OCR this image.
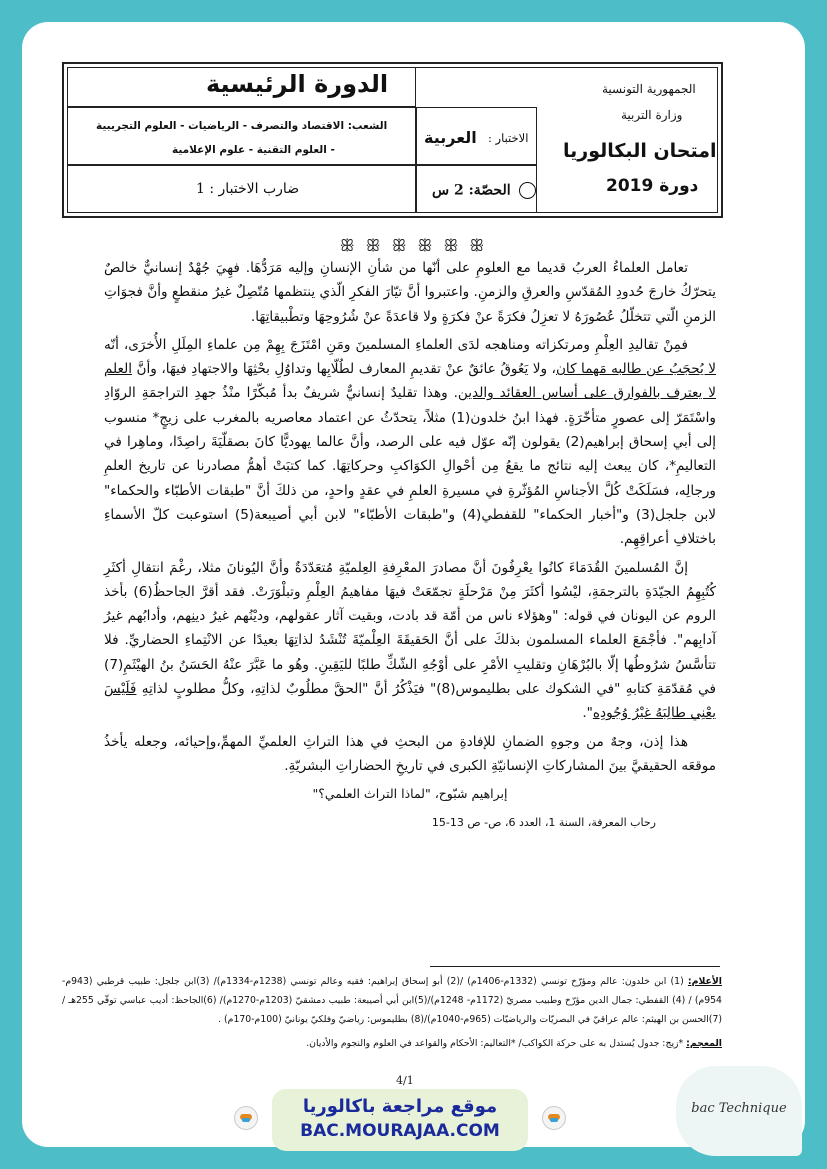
الدورة الرئيسية	الجمهورية التونسية
وزارة التربية
امتحان البكالوريا
دورة 2019
الشعب: الاقتصاد والتصرف - الرياضيات - العلوم التجريبية
- العلوم التقنية - علوم الإعلامية
الاختبار :
العربية
الحصّة: 2 س
ضارب الاختبار : 1
ꕥ ꕥ ꕥ ꕥ ꕥ ꕥ

تعامل العلماءُ العربُ قديما مع العلومِ على أنّها من شأنِ الإنسانِ وإليه مَرَدُّهَا. فهِيَ جُهْدٌ إنسانيٌّ خالصٌ يتحرّكُ خارجَ حُدودِ المُقدّسِ والعرقِ والزمنِ. واعتبروا أنَّ تيّارَ الفكرِ الّذي ينتظمها مُتّصِلٌ غيرُ منقطعٍ وأنَّ فجوَاتِ الزمنِ الّتي تتخلّلُ عُصُورَهُ لا تعزِلُ فكرَةً عنْ فكرَةٍ ولا قاعدَةً عنْ شُرُوحِهَا وتطْبيقاتِهَا.

فمِنْ تقاليدِ العِلْمِ ومرتكزاته ومناهجه لدَى العلماءِ المسلمينَ ومَنِ امْتَزَجَ بِهِمْ مِن علماءِ المِلَلِ الأُخرَى، أنّه لا يُحجَبُ عن طالبه مَهما كان، ولا يَعُوقُ عائقٌ عنْ تقديمِ المعارف لطُلّابِها وتداوُلِ بحْثِهَا والاجتهادِ فيهَا، وأنَّ العلم لا يعترف بالفوارق على أساس العقائد والدين. وهذا تقليدٌ إنسانيٌّ شريفٌ بدأ مُبكّرًا منْذُ جهدِ التراجمَةِ الروّادِ واسْتَمَرّ إلى عصورٍ متأخّرَةٍ. فهذا ابنُ خلدون(1) مثلاً، يتحدّثُ عن اعتماد معاصريه بالمغرب على زيجٍ* منسوب إلى أبي إسحاق إبراهيم(2) يقولون إنّه عوّل فيه على الرصد، وأنَّ عالما يهوديًّا كانَ بصقلّيَةَ راصِدًا، وماهِرا في التعاليمِ*، كان يبعث إليه نتائج ما يقعُ مِن أحْوالِ الكوَاكبِ وحركاتِهَا. كما كتبَتْ أهمُّ مصادرنا عن تاريخ العلمِ ورجالِه، فسَلَكَتْ كُلَّ الأجناسِ المُؤثّرةِ في مسيرةِ العلمِ في عقدٍ واحدٍ، من ذلكَ أنَّ "طبقات الأطبّاء والحكماء" لابن جلجل(3) و"أخبار الحكماء" للقفطي(4) و"طبقات الأطبّاء" لابن أبي أصيبعة(5) استوعبت كلّ الأسماءِ باختلافِ أعراقِهِم.

إنَّ المُسلمينَ القُدَمَاءَ كانُوا يعْرِفُونَ أنَّ مصادرَ المعْرِفةِ العِلميّةِ مُتعَدّدَةٌ وأنَّ اليُونانَ مثلا، رغْمَ انتقالِ أكثَرِ كُتُبِهِمُ الجيّدَةِ بالترجمَةِ، ليْسُوا أكثَرَ مِنْ مَرْحلَةٍ تجمّعَتْ فيهَا مفاهيمُ العِلْمِ وتبلْوَرَتْ. فقد أقرَّ الجاحظُ(6) بأخذ الروم عن اليونان في قوله: "وهؤلاء ناس من أمّة قد بادت، وبقيت آثار عقولهم، وديْنُهم غيرُ دينِهم، وأدابُهم غيرُ آدابِهم". فأجْمَعَ العلماء المسلمون بذلكَ على أنَّ الحَقيقَةَ العِلْميّةَ تُنْشَدُ لذاتِهَا بعيدًا عن الانْتِماءِ الحضاريِّ. فلا تتأسَّسُ شرُوطُها إلّا بالبُرْهَانِ وتقليبِ الأمْرِ على أوْجُهِ الشّكِّ طلبًا لليَقِينِ. وهُو ما عَبَّرَ عنْهُ الحَسَنُ بنُ الهيْثَمِ(7) في مُقدّمَةِ كتابهِ "في الشكوك على بطليموس(8)" فيَذْكُرُ أنَّ "الحقَّ مطلُوبٌ لذاتِهِ، وكلُّ مطلوبٍ لذاتِهِ فَلَيْسَ يعْنِي طالِبَهُ غيْرُ وُجُودِه".

هذا إذن، وجهٌ من وجوهِ الضمانِ للإفادةِ من البحثِ في هذا التراثِ العلميِّ المهمِّ،وإحيائه، وجعله يأخذُ موقعَه الحقيقيَّ بينَ المشاركاتِ الإنسانيّةِ الكبرى في تاريخِ الحضاراتِ البشريّةِ.

إبراهيم شبّوح، "لماذا التراث العلمي؟"

رحاب المعرفة، السنة 1، العدد 6، ص- ص 13-15

الأعلام: (1) ابن خلدون: عالم ومؤرّخ تونسي (1332م-1406م) /(2) أبو إسحاق إبراهيم: فقيه وعالم تونسي (1238م-1334م)/ (3)ابن جلجل: طبيب قرطبي (943م- 954م) / (4) القفطي: جمال الدين مؤرّخ وطبيب مصريّ (1172م- 1248م)/(5)ابن أبي أصيبعة: طبيب دمشقيّ (1203م-1270م)/ (6)الجاحظ: أديب عباسي توفّي 255هـ / (7)الحسن بن الهيثم: عالم عراقيّ في البصريّات والرياضيّات (965م-1040م)/(8) بطليموس: رياضيّ وفلكيّ يونانيّ (100م-170م) .
المعجم: *زيج: جدول يُستدل به على حركة الكواكب/ *التعاليم: الأحكام والقواعد في العلوم والنجوم والأديان.
4/1
موقع مراجعة باكالوريا
BAC.MOURAJAA.COM
bac Technique
